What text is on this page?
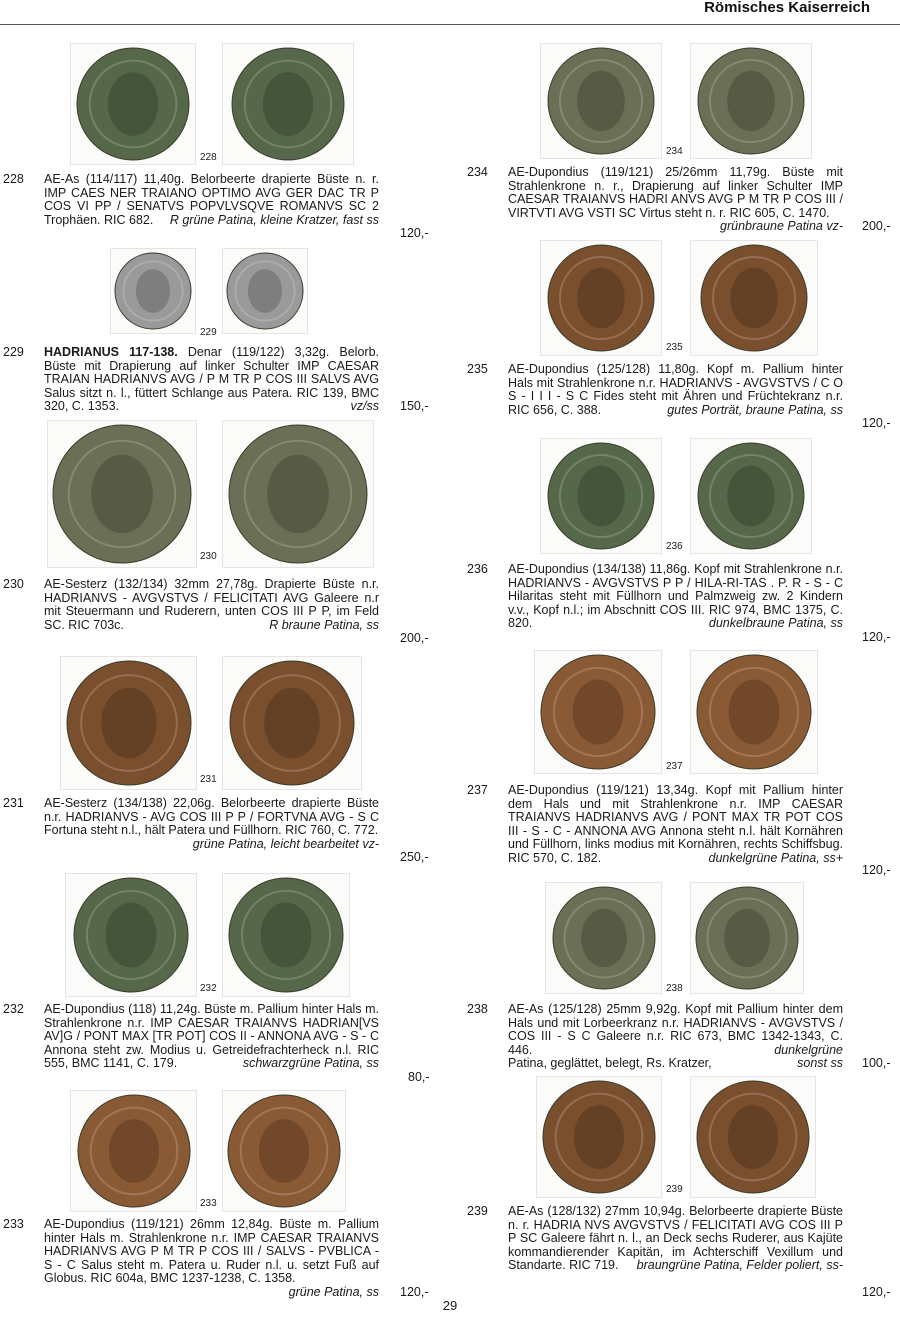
Römisches Kaiserreich
228
229
230
231
232
233
234
235
236
237
238
239
228 AE-As (114/117) 11,40g. Belorbeerte drapierte Büste n. r. IMP CAES NER TRAIANO OPTIMO AVG GER DAC TR P COS VI PP / SENATVS POPVLVSQVE ROMANVS SC 2 Trophäen. RIC 682. R grüne Patina, kleine Kratzer, fast ss
120,-
229 HADRIANUS 117-138. Denar (119/122) 3,32g. Belorb. Büste mit Drapierung auf linker Schulter IMP CAESAR TRAIAN HADRIANVS AVG / P M TR P COS III SALVS AVG Salus sitzt n. l., füttert Schlange aus Patera. RIC 139, BMC 320, C. 1353.	vz/ss 150,-
230 AE-Sesterz (132/134) 32mm 27,78g. Drapierte Büste n.r. HADRIANVS - AVGVSTVS / FELICITATI AVG Galeere n.r mit Steuermann und Ruderern, unten COS III P P, im Feld SC. RIC 703c.	R braune Patina, ss
200,-
231 AE-Sesterz (134/138) 22,06g. Belorbeerte drapierte Büste n.r. HADRIANVS - AVG COS III P P / FORTVNA AVG - S C Fortuna steht n.l., hält Patera und Füllhorn. RIC 760, C. 772.
grüne Patina, leicht bearbeitet vz-
250,-
232 AE-Dupondius (118) 11,24g. Büste m. Pallium hinter Hals m. Strahlenkrone n.r. IMP CAESAR TRAIANVS HADRIAN[VS AV]G / PONT MAX [TR POT] COS II - ANNONA AVG - S - C Annona steht zw. Modius u. Getreidefrachterheck n.l. RIC 555, BMC 1141, C. 179.	schwarzgrüne Patina, ss
80,-
233 AE-Dupondius (119/121) 26mm 12,84g. Büste m. Pallium hinter Hals m. Strahlenkrone n.r. IMP CAESAR TRAIANVS HADRIANVS AVG P M TR P COS III / SALVS - PVBLICA - S - C Salus steht m. Patera u. Ruder n.l. u. setzt Fuß auf Globus. RIC 604a, BMC 1237-1238, C. 1358.
grüne Patina, ss 120,-
234 AE-Dupondius (119/121) 25/26mm 11,79g. Büste mit Strahlenkrone n. r., Drapierung auf linker Schulter IMP CAESAR TRAIANVS HADRI ANVS AVG P M TR P COS III / VIRTVTI AVG VSTI SC Virtus steht n. r. RIC 605, C. 1470.
grünbraune Patina vz- 200,-
235 AE-Dupondius (125/128) 11,80g. Kopf m. Pallium hinter Hals mit Strahlenkrone n.r. HADRIANVS - AVGVSTVS / C O S - I I I - S C Fides steht mit Ähren und Früchtekranz n.r. RIC 656, C. 388.	gutes Porträt, braune Patina, ss
120,-
236 AE-Dupondius (134/138) 11,86g. Kopf mit Strahlenkrone n.r. HADRIANVS - AVGVSTVS P P / HILA-RI-TAS . P. R - S - C Hilaritas steht mit Füllhorn und Palmzweig zw. 2 Kindern v.v., Kopf n.l.; im Abschnitt COS III. RIC 974, BMC 1375, C. 820.	dunkelbraune Patina, ss
120,-
237 AE-Dupondius (119/121) 13,34g. Kopf mit Pallium hinter dem Hals und mit Strahlenkrone n.r. IMP CAESAR TRAIANVS HADRIANVS AVG / PONT MAX TR POT COS III - S - C - ANNONA AVG Annona steht n.l. hält Kornähren und Füllhorn, links modius mit Kornähren, rechts Schiffsbug. RIC 570, C. 182.	dunkelgrüne Patina, ss+
120,-
238 AE-As (125/128) 25mm 9,92g. Kopf mit Pallium hinter dem Hals und mit Lorbeerkranz n.r. HADRIANVS - AVGVSTVS / COS III - S C Galeere n.r. RIC 673, BMC 1342-1343, C. 446.	dunkelgrüne

Patina, geglättet, belegt, Rs. Kratzer,	sonst ss 100,-
239 AE-As (128/132) 27mm 10,94g. Belorbeerte drapierte Büste n. r. HADRIA NVS AVGVSTVS / FELICITATI AVG COS III P P SC Galeere fährt n. l., an Deck sechs Ruderer, aus Kajüte kommandierender Kapitän, im Achterschiff Vexillum und Standarte. RIC 719. braungrüne Patina, Felder poliert, ss-
120,-
29
